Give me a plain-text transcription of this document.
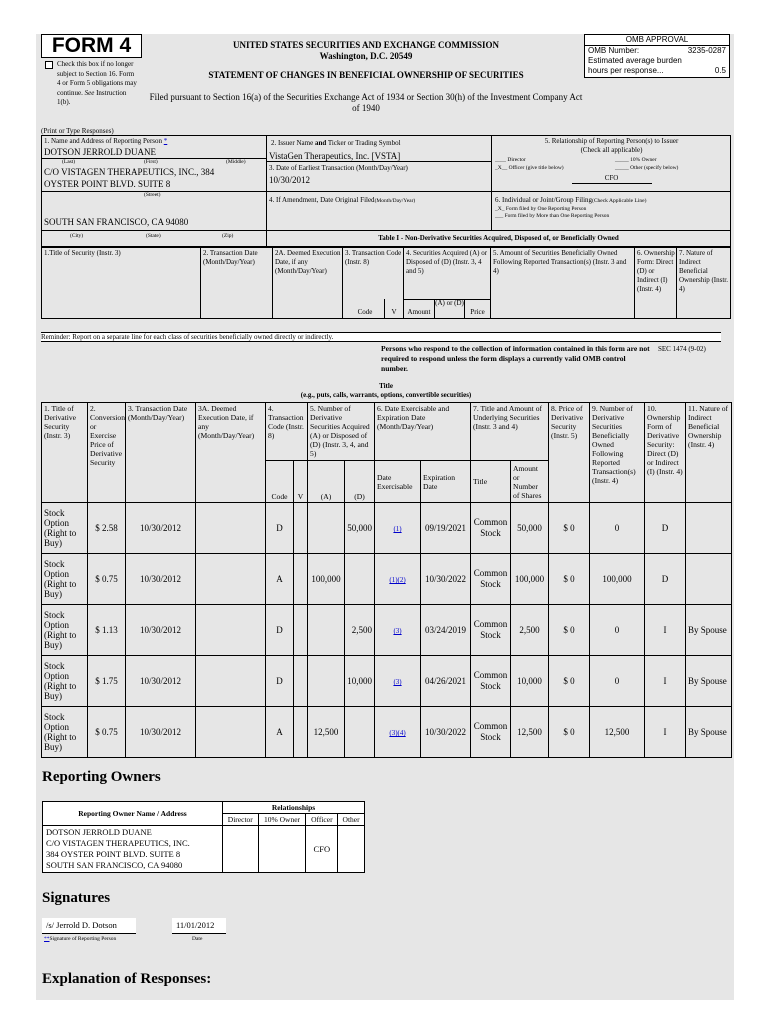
FORM 4
Check this box if no longer subject to Section 16. Form 4 or Form 5 obligations may continue. See Instruction 1(b).
UNITED STATES SECURITIES AND EXCHANGE COMMISSION
Washington, D.C. 20549
STATEMENT OF CHANGES IN BENEFICIAL OWNERSHIP OF SECURITIES
Filed pursuant to Section 16(a) of the Securities Exchange Act of 1934 or Section 30(h) of the Investment Company Act of 1940
OMB APPROVAL
OMB Number:	3235-0287
Estimated average burden
hours per response...	0.5
(Print or Type Responses)
1. Name and Address of Reporting Person *
DOTSON JERROLD DUANE
(Last)	(First)	(Middle)
C/O VISTAGEN THERAPEUTICS, INC., 384
OYSTER POINT BLVD. SUITE 8
(Street)
SOUTH SAN FRANCISCO, CA 94080
(City)	(State)	(Zip)
2. Issuer Name and Ticker or Trading Symbol
VistaGen Therapeutics, Inc. [VSTA]
3. Date of Earliest Transaction (Month/Day/Year)
10/30/2012
4. If Amendment, Date Original Filed(Month/Day/Year)
5. Relationship of Reporting Person(s) to Issuer
(Check all applicable)
____ Director	_____ 10% Owner
_X__ Officer (give title below)	_____ Other (specify below)
CFO
6. Individual or Joint/Group Filing(Check Applicable Line)
_X_ Form filed by One Reporting Person
___ Form filed by More than One Reporting Person
Table I - Non-Derivative Securities Acquired, Disposed of, or Beneficially Owned
1.Title of Security (Instr. 3)	2. Transaction Date (Month/Day/Year)
2A. Deemed Execution Date, if any (Month/Day/Year)
3. Transaction Code (Instr. 8)
4. Securities Acquired (A) or Disposed of (D) (Instr. 3, 4 and 5)
5. Amount of Securities Beneficially Owned Following Reported Transaction(s) (Instr. 3 and 4)
6. Ownership Form: Direct (D) or Indirect (I) (Instr. 4)
7. Nature of Indirect Beneficial Ownership (Instr. 4)
Code	V	Amount
(A) or (D)
Price
Reminder: Report on a separate line for each class of securities beneficially owned directly or indirectly.
Persons who respond to the collection of information contained in this form are not required to respond unless the form displays a currently valid OMB control number.
SEC 1474 (9-02)
Title
(e.g., puts, calls, warrants, options, convertible securities)
1. Title of Derivative Security (Instr. 3)	2. Conversion or Exercise Price of Derivative Security	3. Transaction Date (Month/Day/Year)	3A. Deemed Execution Date, if any (Month/Day/Year)	4. Transaction Code (Instr. 8)		5. Number of Derivative Securities Acquired (A) or Disposed of (D) (Instr. 3, 4, and 5)		6. Date Exercisable and Expiration Date (Month/Day/Year)		7. Title and Amount of Underlying Securities (Instr. 3 and 4)		8. Price of Derivative Security (Instr. 5)	9. Number of Derivative Securities Beneficially Owned Following Reported Transaction(s) (Instr. 4)	10. Ownership Form of Derivative Security: Direct (D) or Indirect (I) (Instr. 4)	11. Nature of Indirect Beneficial Ownership (Instr. 4)
				Code	V	(A)	(D)	Date Exercisable	Expiration Date	Title	Amount or Number of Shares				
Stock Option (Right to Buy)	$ 2.58	10/30/2012		D			50,000	(1)	09/19/2021	Common Stock	50,000	$ 0	0	D	
Stock Option (Right to Buy)	$ 0.75	10/30/2012		A		100,000		(1)(2)	10/30/2022	Common Stock	100,000	$ 0	100,000	D	
Stock Option (Right to Buy)	$ 1.13	10/30/2012		D			2,500	(3)	03/24/2019	Common Stock	2,500	$ 0	0	I	By Spouse
Stock Option (Right to Buy)	$ 1.75	10/30/2012		D			10,000	(3)	04/26/2021	Common Stock	10,000	$ 0	0	I	By Spouse
Stock Option (Right to Buy)	$ 0.75	10/30/2012		A		12,500		(3)(4)	10/30/2022	Common Stock	12,500	$ 0	12,500	I	By Spouse
Reporting Owners
Reporting Owner Name / Address	Relationships			
	Director	10% Owner	Officer	Other

DOTSON JERROLD DUANE
C/O VISTAGEN THERAPEUTICS, INC.
384 OYSTER POINT BLVD. SUITE 8
SOUTH SAN FRANCISCO, CA 94080			CFO	
Signatures
/s/ Jerrold D. Dotson	11/01/2012
**Signature of Reporting Person	Date
Explanation of Responses:
